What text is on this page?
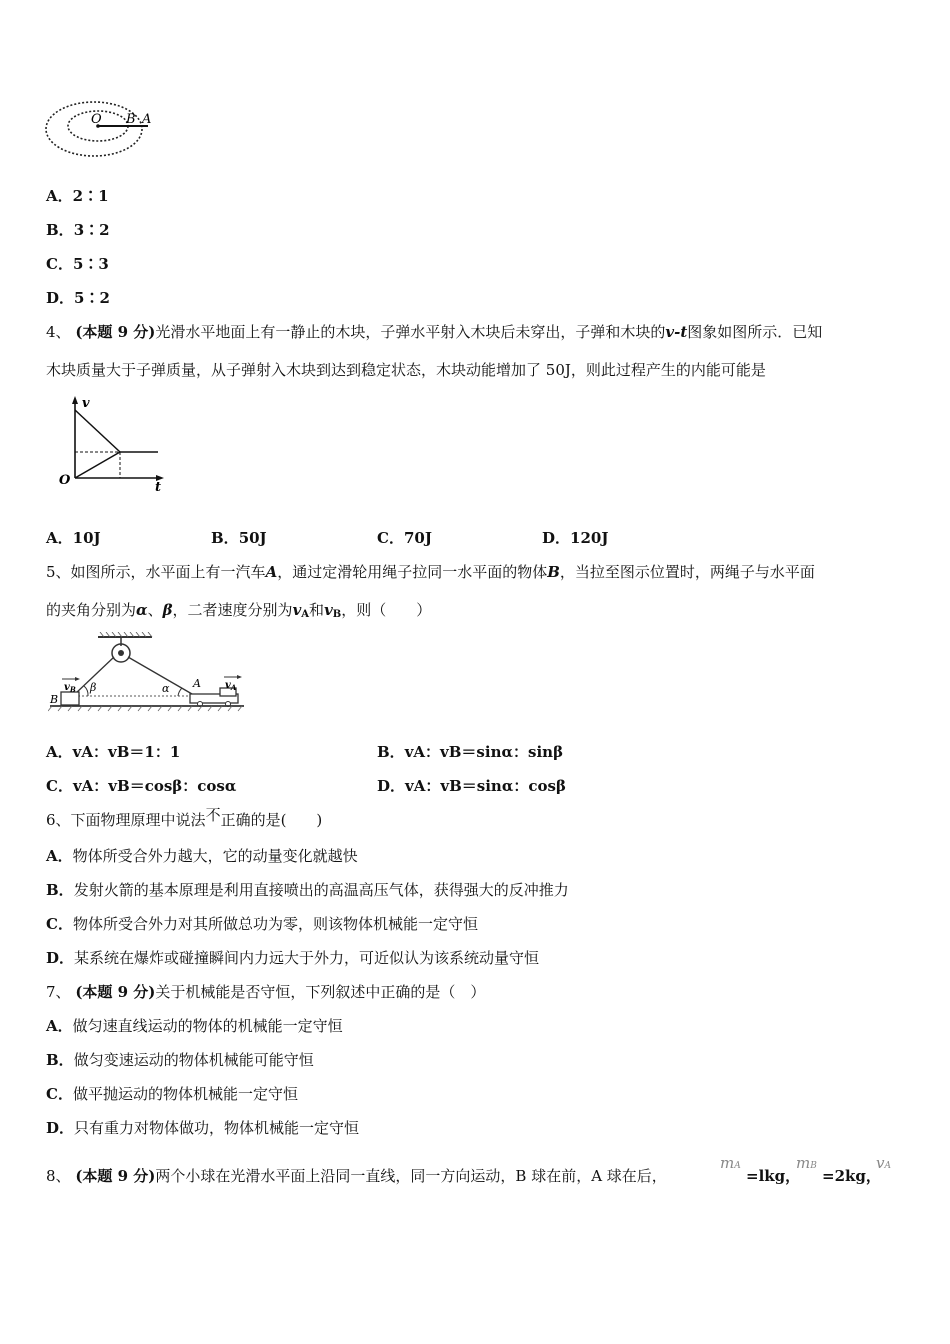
O B A
A．2∶1
B．3∶2
C．5∶3
D．5∶2
4、 (本题 9 分)光滑水平地面上有一静止的木块，子弹水平射入木块后未穿出，子弹和木块的v-t图象如图所示．已知
木块质量大于子弹质量，从子弹射入木块到达到稳定状态，木块动能增加了 50J，则此过程产生的内能可能是
v
O	t
A．10J	B．50J	C．70J	D．120J
5、如图所示，水平面上有一汽车A，通过定滑轮用绳子拉同一水平面的物体B，当拉至图示位置时，两绳子与水平面
的夹角分别为α、β，二者速度分别为$v_A$和$v_B$，则（　　）
$v_B$	$v_A$
B
A
β	α
A．vA：vB＝1：1	B．vA：vB＝sinα：sinβ
C．vA：vB＝cosβ：cosα	D．vA：vB＝sinα：cosβ
6、下面物理原理中说法不正确的是(　　)
A．物体所受合外力越大，它的动量变化就越快
B．发射火箭的基本原理是利用直接喷出的高温高压气体，获得强大的反冲推力
C．物体所受合外力对其所做总功为零，则该物体机械能一定守恒
D．某系统在爆炸或碰撞瞬间内力远大于外力，可近似认为该系统动量守恒
7、 (本题 9 分)关于机械能是否守恒，下列叙述中正确的是（　）
A．做匀速直线运动的物体的机械能一定守恒
B．做匀变速运动的物体机械能可能守恒
C．做平抛运动的物体机械能一定守恒
D．只有重力对物体做功，物体机械能一定守恒
8、 (本题 9 分)两个小球在光滑水平面上沿同一直线，同一方向运动，B 球在前，A 球在后，
mA
=lkg，
mB
=2kg，
vA
